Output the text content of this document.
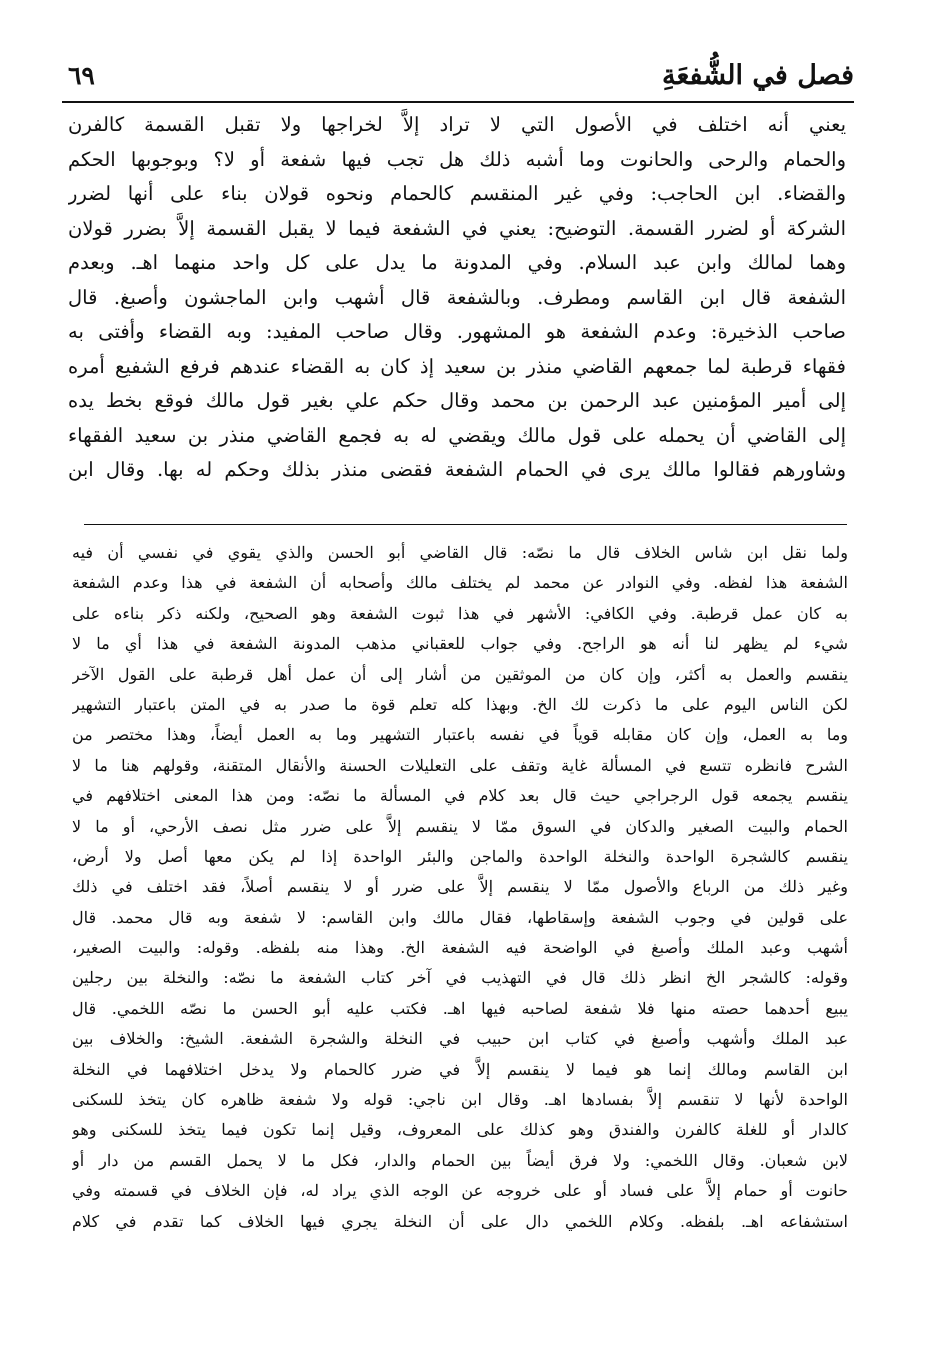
فصل في الشُّفعَةِ
٦٩
يعني أنه اختلف في الأصول التي لا تراد إلاَّ لخراجها ولا تقبل القسمة كالفرن
والحمام والرحى والحانوت وما أشبه ذلك هل تجب فيها شفعة أو لا؟ وبوجوبها الحكم
والقضاء. ابن الحاجب: وفي غير المنقسم كالحمام ونحوه قولان بناء على أنها لضرر
الشركة أو لضرر القسمة. التوضيح: يعني في الشفعة فيما لا يقبل القسمة إلاَّ بضرر قولان
وهما لمالك وابن عبد السلام. وفي المدونة ما يدل على كل واحد منهما اهـ. وبعدم
الشفعة قال ابن القاسم ومطرف. وبالشفعة قال أشهب وابن الماجشون وأصبغ. قال
صاحب الذخيرة: وعدم الشفعة هو المشهور. وقال صاحب المفيد: وبه القضاء وأفتى به
فقهاء قرطبة لما جمعهم القاضي منذر بن سعيد إذ كان به القضاء عندهم فرفع الشفيع أمره
إلى أمير المؤمنين عبد الرحمن بن محمد وقال حكم علي بغير قول مالك فوقع بخط يده
إلى القاضي أن يحمله على قول مالك ويقضي له به فجمع القاضي منذر بن سعيد الفقهاء
وشاورهم فقالوا مالك يرى في الحمام الشفعة فقضى منذر بذلك وحكم له بها. وقال ابن
ولما نقل ابن شاس الخلاف قال ما نصّه: قال القاضي أبو الحسن والذي يقوي في نفسي أن فيه
الشفعة هذا لفظه. وفي النوادر عن محمد لم يختلف مالك وأصحابه أن الشفعة في هذا وعدم الشفعة
به كان عمل قرطبة. وفي الكافي: الأشهر في هذا ثبوت الشفعة وهو الصحيح، ولكنه ذكر بناءه على
شيء لم يظهر لنا أنه هو الراجح. وفي جواب للعقباني مذهب المدونة الشفعة في هذا أي ما لا
ينقسم والعمل به أكثر، وإن كان من الموثقين من أشار إلى أن عمل أهل قرطبة على القول الآخر
لكن الناس اليوم على ما ذكرت لك الخ. وبهذا كله تعلم قوة ما صدر به في المتن باعتبار التشهير
وما به العمل، وإن كان مقابله قوياً في نفسه باعتبار التشهير وما به العمل أيضاً، وهذا مختصر من
الشرح فانظره تتسع في المسألة غاية وتقف على التعليلات الحسنة والأنقال المتقنة، وقولهم هنا ما لا
ينقسم يجمعه قول الرجراجي حيث قال بعد كلام في المسألة ما نصّه: ومن هذا المعنى اختلافهم في
الحمام والبيت الصغير والدكان في السوق ممّا لا ينقسم إلاَّ على ضرر مثل نصف الأرحي، أو ما لا
ينقسم كالشجرة الواحدة والنخلة الواحدة والماجن والبئر الواحدة إذا لم يكن معها أصل ولا أرض،
وغير ذلك من الرباع والأصول ممّا لا ينقسم إلاَّ على ضرر أو لا ينقسم أصلاً، فقد اختلف في ذلك
على قولين في وجوب الشفعة وإسقاطها، فقال مالك وابن القاسم: لا شفعة وبه قال محمد. قال
أشهب وعبد الملك وأصبغ في الواضحة فيه الشفعة الخ. وهذا منه بلفظه. وقوله: والبيت الصغير،
وقوله: كالشجر الخ انظر ذلك قال في التهذيب في آخر كتاب الشفعة ما نصّه: والنخلة بين رجلين
يبيع أحدهما حصته منها فلا شفعة لصاحبه فيها اهـ. فكتب عليه أبو الحسن ما نصّه اللخمي. قال
عبد الملك وأشهب وأصبغ في كتاب ابن حبيب في النخلة والشجرة الشفعة. الشيخ: والخلاف بين
ابن القاسم ومالك إنما هو فيما لا ينقسم إلاَّ في ضرر كالحمام ولا يدخل اختلافهما في النخلة
الواحدة لأنها لا تنقسم إلاَّ بفسادها اهـ. وقال ابن ناجي: قوله ولا شفعة ظاهره كان يتخذ للسكنى
كالدار أو للغلة كالفرن والفندق وهو كذلك على المعروف، وقيل إنما تكون فيما يتخذ للسكنى وهو
لابن شعبان. وقال اللخمي: ولا فرق أيضاً بين الحمام والدار، فكل ما لا يحمل القسم من دار أو
حانوت أو حمام إلاَّ على فساد أو على خروجه عن الوجه الذي يراد له، فإن الخلاف في قسمته وفي
استشفاعه اهـ. بلفظه. وكلام اللخمي دال على أن النخلة يجري فيها الخلاف كما تقدم في كلام
